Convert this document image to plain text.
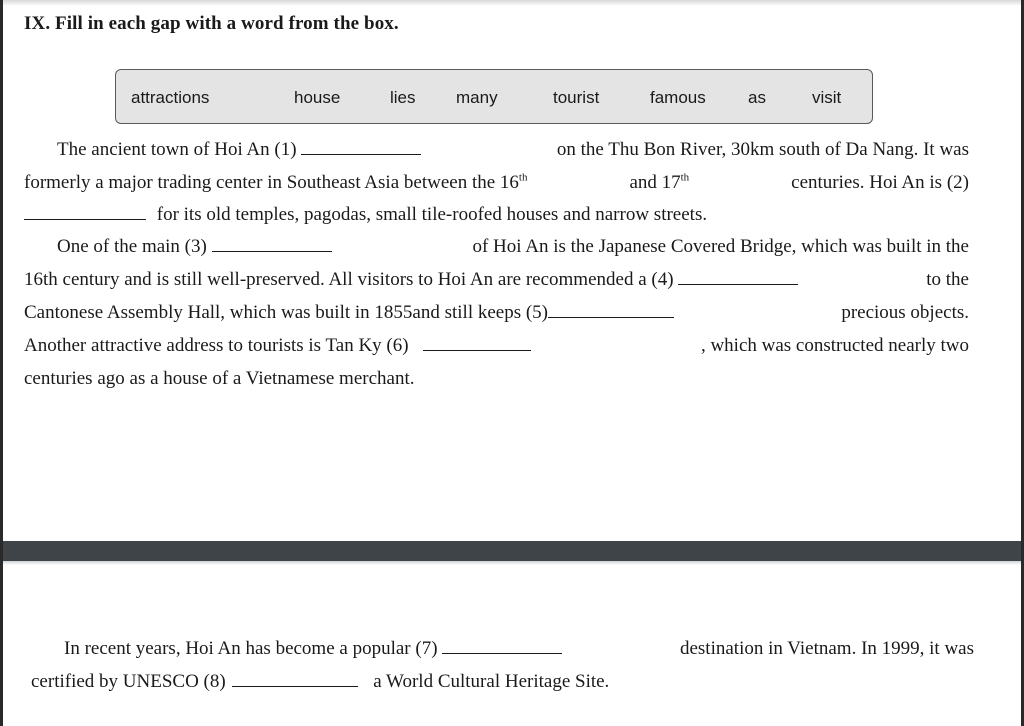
IX. Fill in each gap with a word from the box.
attractions	house	lies many	tourist	famous as	visit
The ancient town of Hoi An (1)	on the Thu Bon River, 30km south of Da Nang. It was
formerly a major trading center in Southeast Asia between the 16th	and 17th	centuries. Hoi An is (2)
for its old temples, pagodas, small tile-roofed houses and narrow streets.
One of the main (3)	of Hoi An is the Japanese Covered Bridge, which was built in the
16th century and is still well-preserved. All visitors to Hoi An are recommended a (4)	to the
Cantonese Assembly Hall, which was built in 1855and still keeps (5)	precious objects.
Another attractive address to tourists is Tan Ky (6)	, which was constructed nearly two
centuries ago as a house of a Vietnamese merchant.
In recent years, Hoi An has become a popular (7)	destination in Vietnam. In 1999, it was
certified by UNESCO (8)	a World Cultural Heritage Site.
